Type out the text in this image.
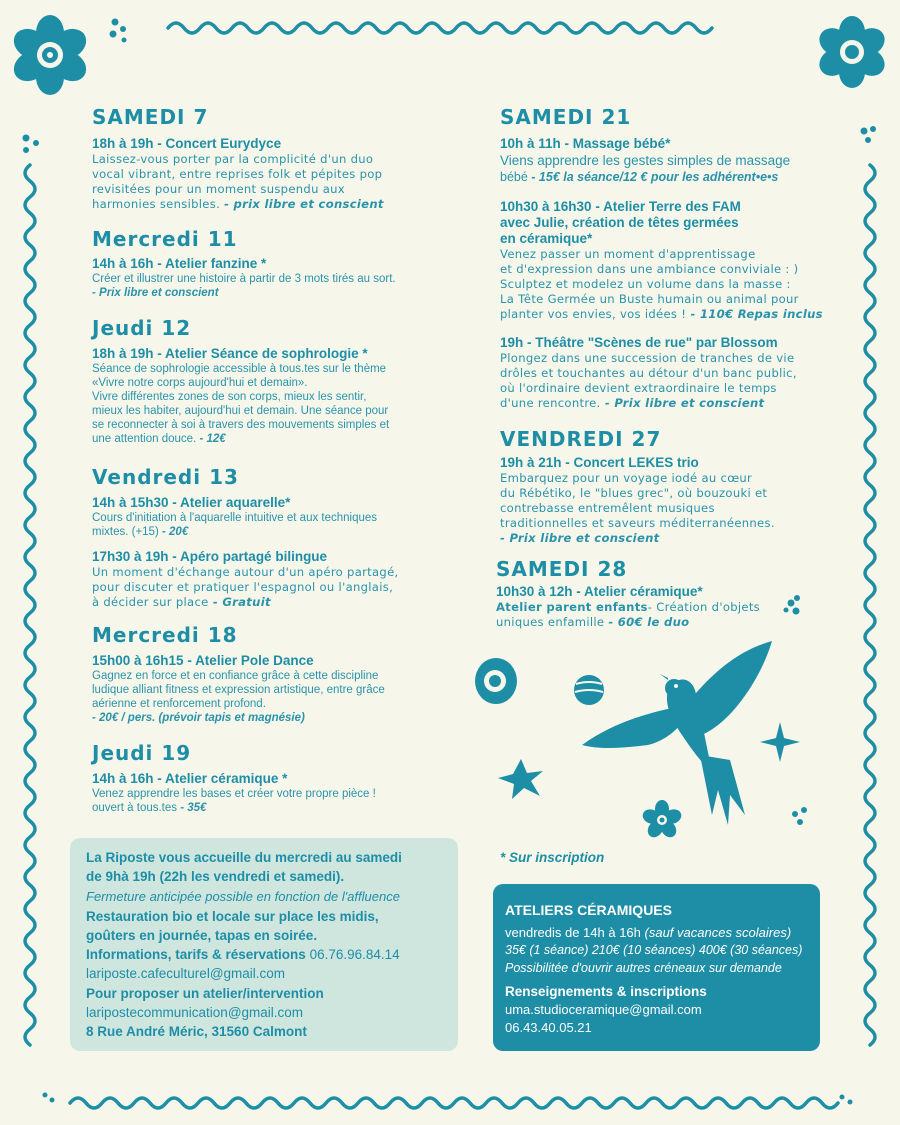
SAMEDI 7
18h à 19h - Concert Eurydyce
Laissez-vous porter par la complicité d'un duo
vocal vibrant, entre reprises folk et pépites pop
revisitées pour un moment suspendu aux
harmonies sensibles. - prix libre et conscient
Mercredi 11
14h à 16h - Atelier fanzine *
Créer et illustrer une histoire à partir de 3 mots tirés au sort.
- Prix libre et conscient
Jeudi 12
18h à 19h - Atelier Séance de sophrologie *
Séance de sophrologie accessible à tous.tes sur le thème
«Vivre notre corps aujourd'hui et demain».
Vivre différentes zones de son corps, mieux les sentir,
mieux les habiter, aujourd'hui et demain. Une séance pour
se reconnecter à soi à travers des mouvements simples et
une attention douce. - 12€
Vendredi 13
14h à 15h30 - Atelier aquarelle*
Cours d'initiation à l'aquarelle intuitive et aux techniques
mixtes. (+15) - 20€
17h30 à 19h - Apéro partagé bilingue
Un moment d'échange autour d'un apéro partagé,
pour discuter et pratiquer l'espagnol ou l'anglais,
à décider sur place - Gratuit
Mercredi 18
15h00 à 16h15 - Atelier Pole Dance
Gagnez en force et en confiance grâce à cette discipline
ludique alliant fitness et expression artistique, entre grâce
aérienne et renforcement profond.
- 20€ / pers. (prévoir tapis et magnésie)
Jeudi 19
14h à 16h - Atelier céramique *
Venez apprendre les bases et créer votre propre pièce !
ouvert à tous.tes - 35€
SAMEDI 21
10h à 11h - Massage bébé*
Viens apprendre les gestes simples de massage
bébé - 15€ la séance/12 € pour les adhérent•e•s
10h30 à 16h30 - Atelier Terre des FAM
avec Julie, création de têtes germées
en céramique*
Venez passer un moment d'apprentissage
et d'expression dans une ambiance conviviale : )
Sculptez et modelez un volume dans la masse :
La Tête Germée un Buste humain ou animal pour
planter vos envies, vos idées ! - 110€ Repas inclus
19h - Théâtre "Scènes de rue" par Blossom
Plongez dans une succession de tranches de vie
drôles et touchantes au détour d'un banc public,
où l'ordinaire devient extraordinaire le temps
d'une rencontre. - Prix libre et conscient
VENDREDI 27
19h à 21h - Concert LEKES trio
Embarquez pour un voyage iodé au cœur
du Rébétiko, le "blues grec", où bouzouki et
contrebasse entremêlent musiques
traditionnelles et saveurs méditerranéennes.
- Prix libre et conscient
SAMEDI 28
10h30 à 12h - Atelier céramique*
Atelier parent enfants- Création d'objets
uniques enfamille - 60€ le duo
* Sur inscription
La Riposte vous accueille du mercredi au samedi
de 9hà 19h (22h les vendredi et samedi).
Fermeture anticipée possible en fonction de l'affluence
Restauration bio et locale sur place les midis,
goûters en journée, tapas en soirée.
Informations, tarifs & réservations 06.76.96.84.14
lariposte.cafeculturel@gmail.com
Pour proposer un atelier/intervention
laripostecommunication@gmail.com
8 Rue André Méric, 31560 Calmont
ATELIERS CÉRAMIQUES
vendredis de 14h à 16h (sauf vacances scolaires)
35€ (1 séance) 210€ (10 séances) 400€ (30 séances)
Possibilitée d'ouvrir autres créneaux sur demande
Renseignements & inscriptions
uma.studioceramique@gmail.com
06.43.40.05.21
